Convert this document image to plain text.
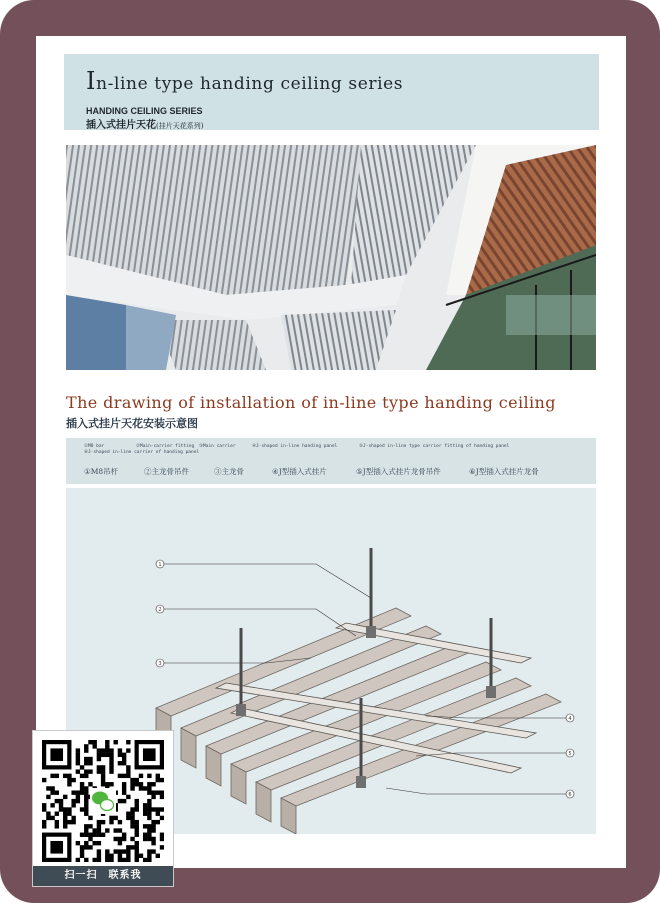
In-line type handing ceiling series
HANDING CEILING SERIES
插入式挂片天花(挂片天花系列)
The drawing of installation of in-line type handing ceiling
插入式挂片天花安装示意图
①M8 bar	②Main-carrier fitting ③Main carrier	④J-shaped in-line handing panel	⑤J-shaped in-line type carrier fitting of handing panel
⑥J-shaped in-line carrier of handing panel
①M8吊杆	②主龙骨吊件	③主龙骨	④J型插入式挂片	⑤J型插入式挂片龙骨吊件	⑥J型插入式挂片龙骨
1
2
3
4
5
6
扫一扫　联系我
